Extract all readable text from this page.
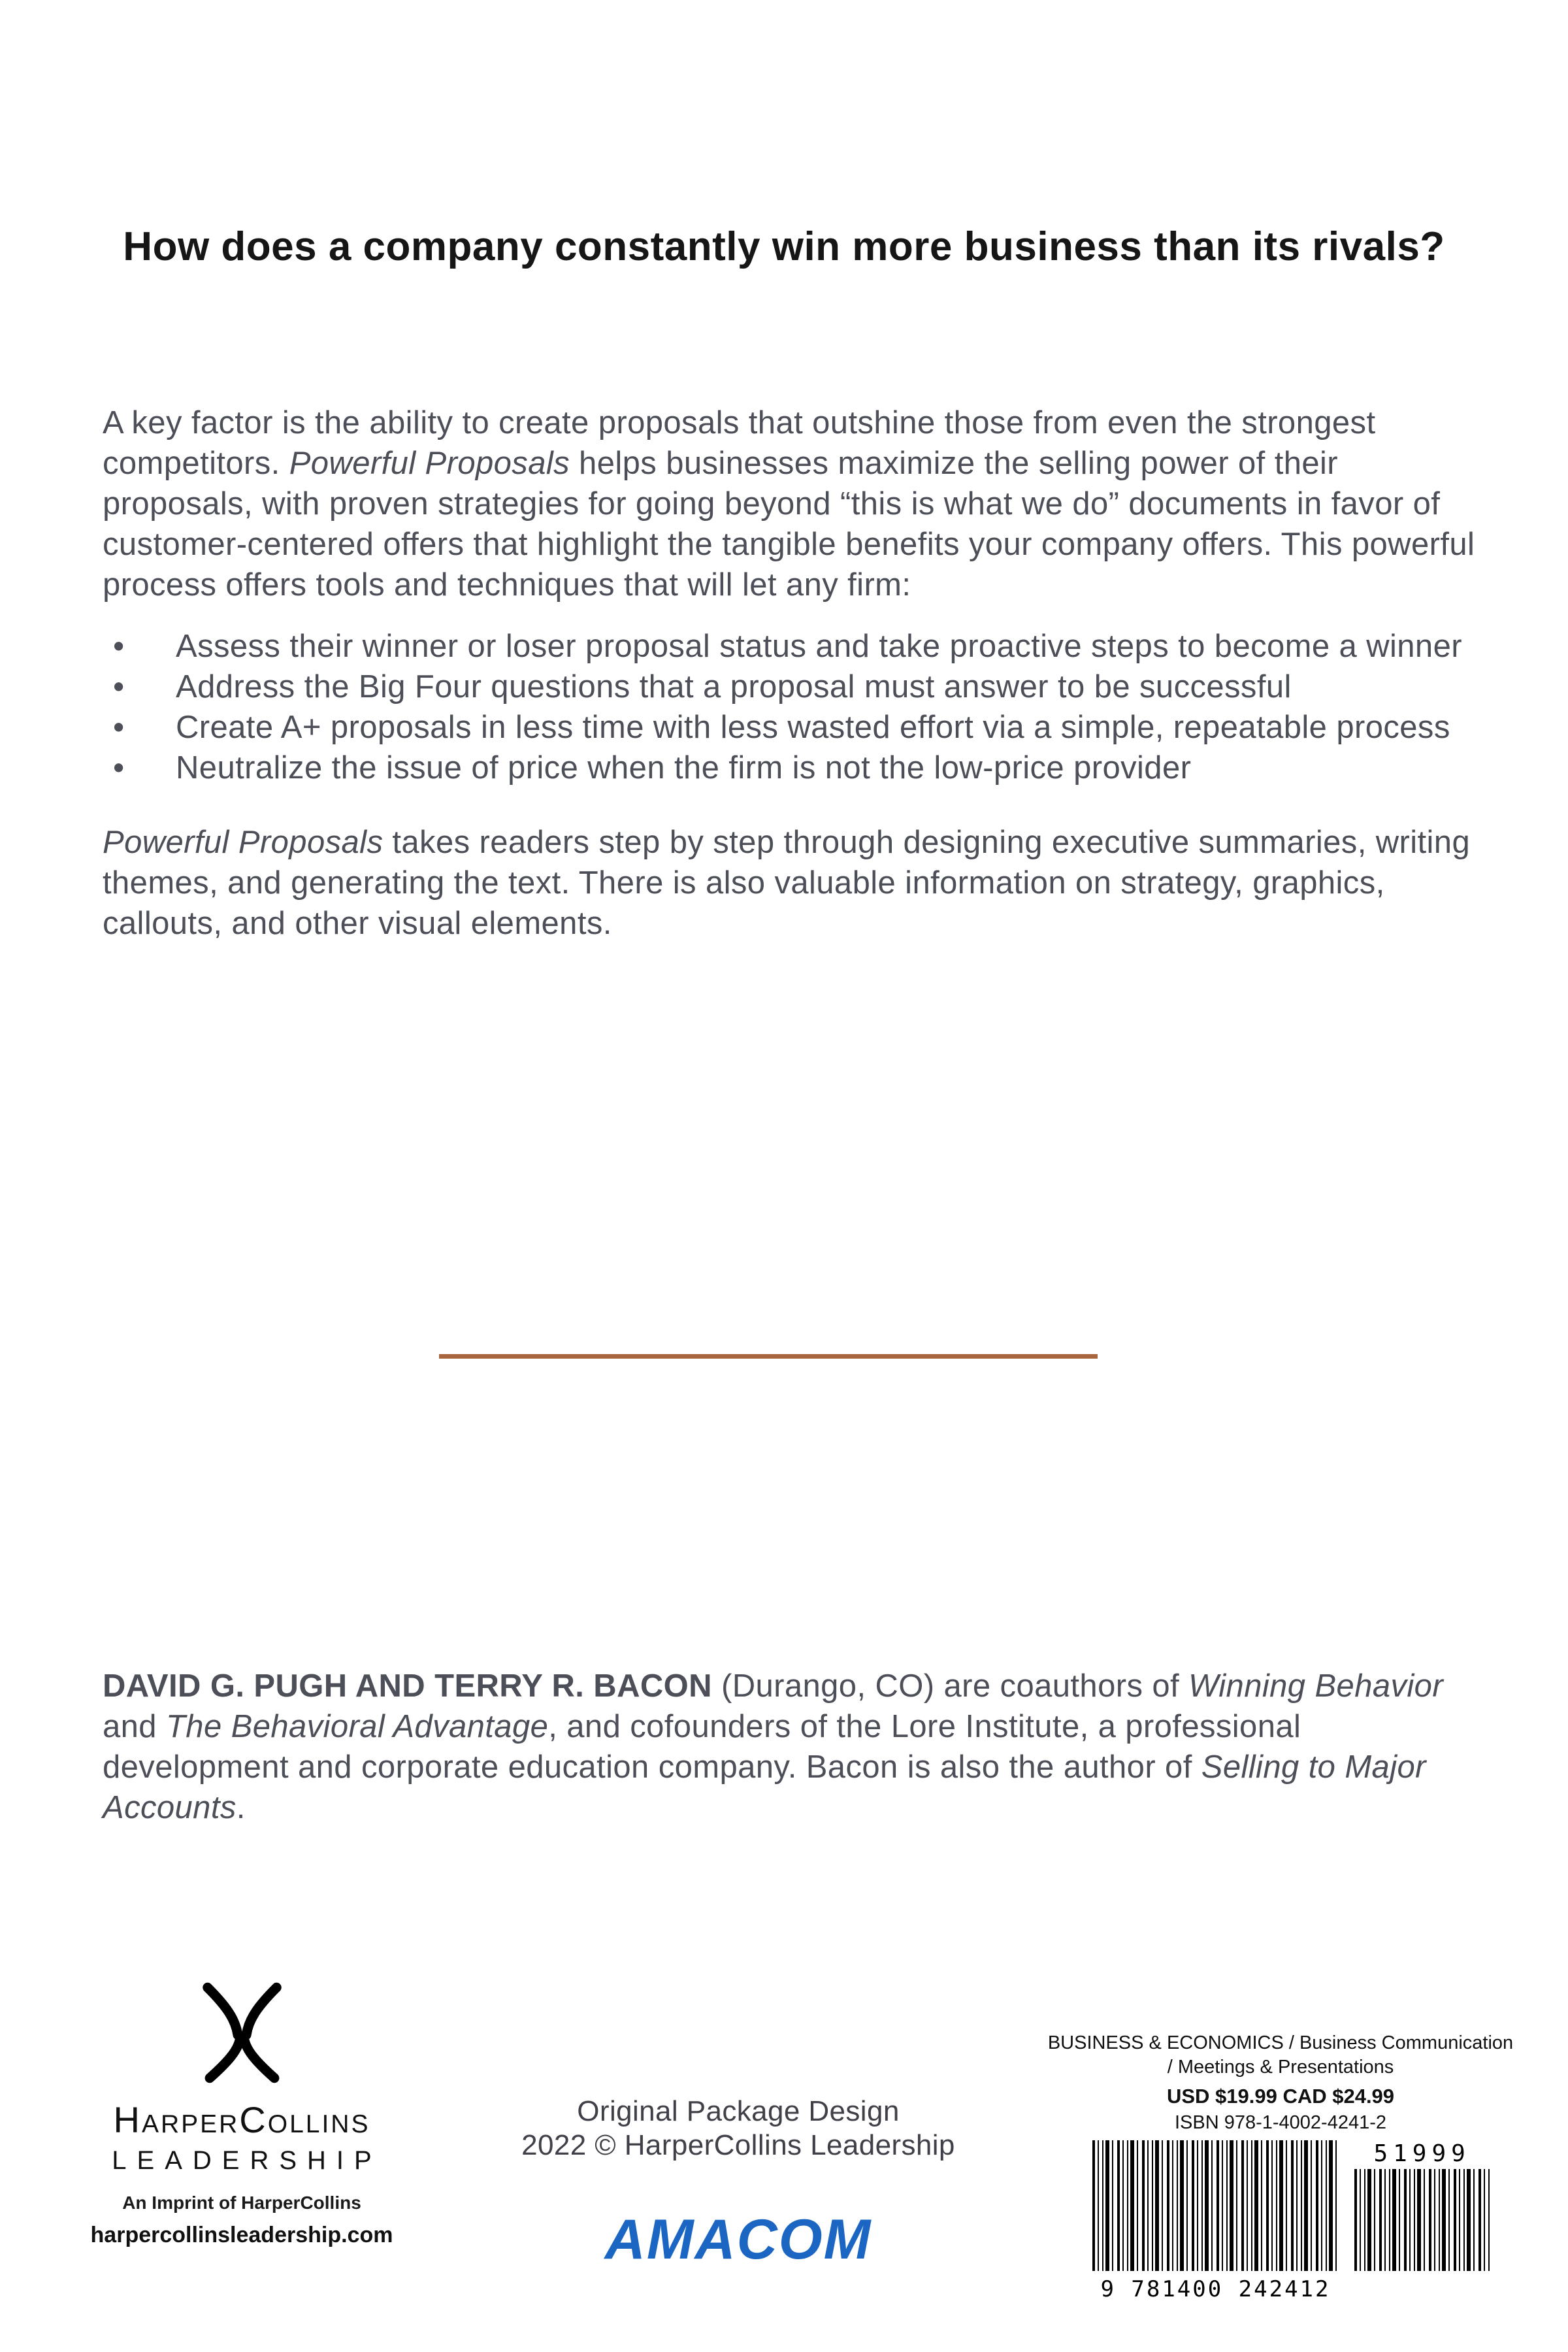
How does a company constantly win more business than its rivals?

A key factor is the ability to create proposals that outshine those from even the strongest competitors. Powerful Proposals helps businesses maximize the selling power of their proposals, with proven strategies for going beyond “this is what we do” documents in favor of customer-centered offers that highlight the tangible benefits your company offers. This powerful process offers tools and techniques that will let any firm:

• Assess their winner or loser proposal status and take proactive steps to become a winner
• Address the Big Four questions that a proposal must answer to be successful
• Create A+ proposals in less time with less wasted effort via a simple, repeatable process
• Neutralize the issue of price when the firm is not the low-price provider

Powerful Proposals takes readers step by step through designing executive summaries, writing themes, and generating the text. There is also valuable information on strategy, graphics, callouts, and other visual elements.

DAVID G. PUGH AND TERRY R. BACON (Durango, CO) are coauthors of Winning Behavior and The Behavioral Advantage, and cofounders of the Lore Institute, a professional development and corporate education company. Bacon is also the author of Selling to Major Accounts.

HarperCollins
LEADERSHIP
An Imprint of HarperCollins
harpercollinsleadership.com
Original Package Design
2022 © HarperCollins Leadership
AMACOM
BUSINESS & ECONOMICS / Business Communication
/ Meetings & Presentations
USD $19.99 CAD $24.99
ISBN 978-1-4002-4241-2
9 781400 242412
51999
